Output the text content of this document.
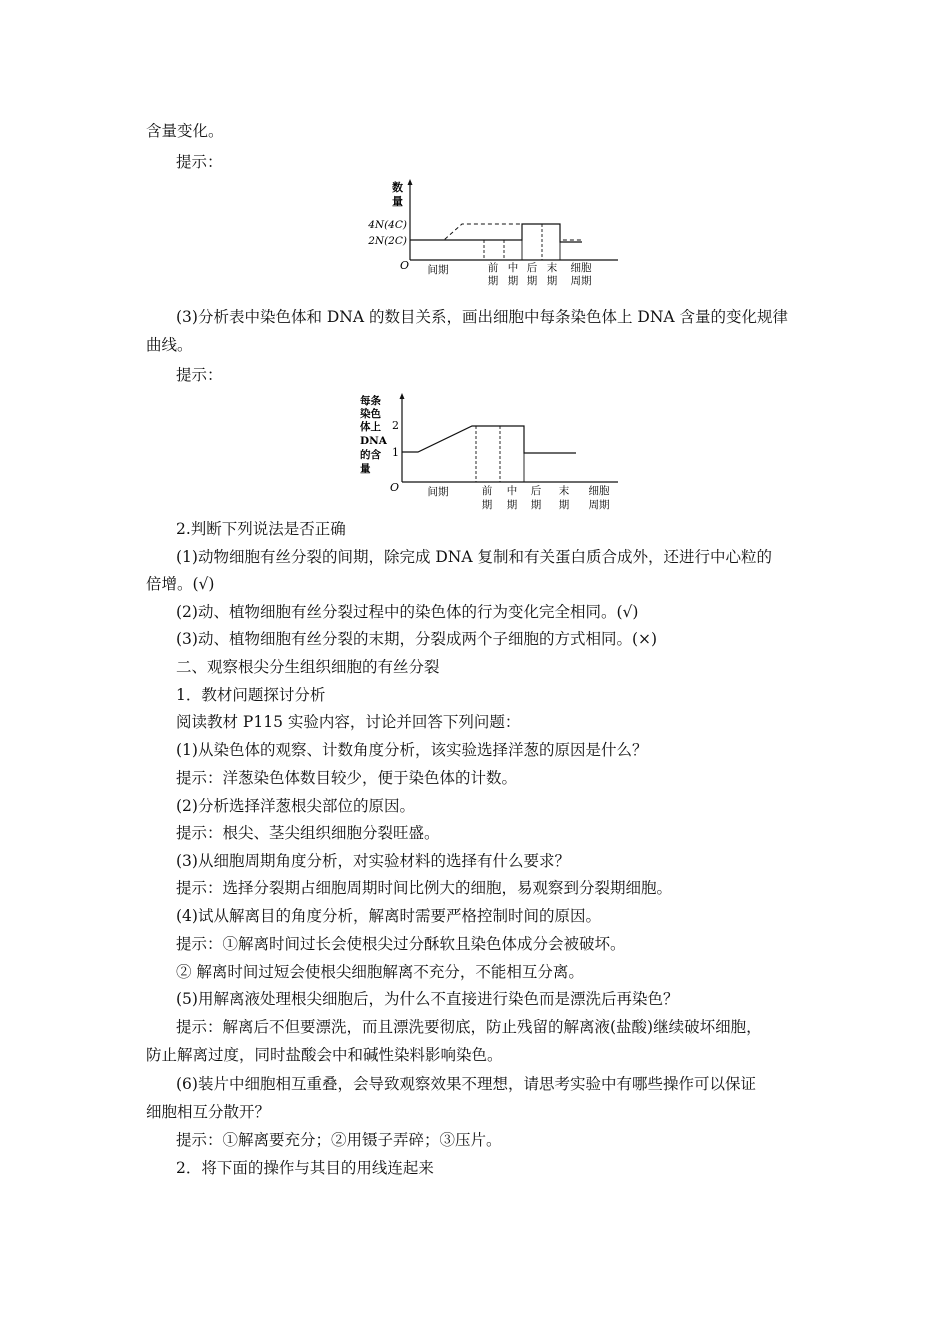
含量变化。
提示：
数
量
4N(4C)
2N(2C)
O 间期	前
期
中
期
后
期
末
期
细胞
周期
(3)分析表中染色体和 DNA 的数目关系，画出细胞中每条染色体上 DNA 含量的变化规律
曲线。
提示：
每条
染色
体上
DNA
的含
量
2
1
O	间期	前
期
中
期
后
期
末
期
细胞
周期
2.判断下列说法是否正确
(1)动物细胞有丝分裂的间期，除完成 DNA 复制和有关蛋白质合成外，还进行中心粒的
倍增。(√)
(2)动、植物细胞有丝分裂过程中的染色体的行为变化完全相同。(√)
(3)动、植物细胞有丝分裂的末期，分裂成两个子细胞的方式相同。(×)
二、观察根尖分生组织细胞的有丝分裂
1．教材问题探讨分析
阅读教材 P115 实验内容，讨论并回答下列问题：
(1)从染色体的观察、计数角度分析，该实验选择洋葱的原因是什么？
提示：洋葱染色体数目较少，便于染色体的计数。
(2)分析选择洋葱根尖部位的原因。
提示：根尖、茎尖组织细胞分裂旺盛。
(3)从细胞周期角度分析，对实验材料的选择有什么要求？
提示：选择分裂期占细胞周期时间比例大的细胞，易观察到分裂期细胞。
(4)试从解离目的角度分析，解离时需要严格控制时间的原因。
提示：①解离时间过长会使根尖过分酥软且染色体成分会被破坏。
② 解离时间过短会使根尖细胞解离不充分，不能相互分离。
(5)用解离液处理根尖细胞后，为什么不直接进行染色而是漂洗后再染色？
提示：解离后不但要漂洗，而且漂洗要彻底，防止残留的解离液(盐酸)继续破坏细胞，
防止解离过度，同时盐酸会中和碱性染料影响染色。
(6)装片中细胞相互重叠，会导致观察效果不理想，请思考实验中有哪些操作可以保证
细胞相互分散开？
提示：①解离要充分；②用镊子弄碎；③压片。
2．将下面的操作与其目的用线连起来
